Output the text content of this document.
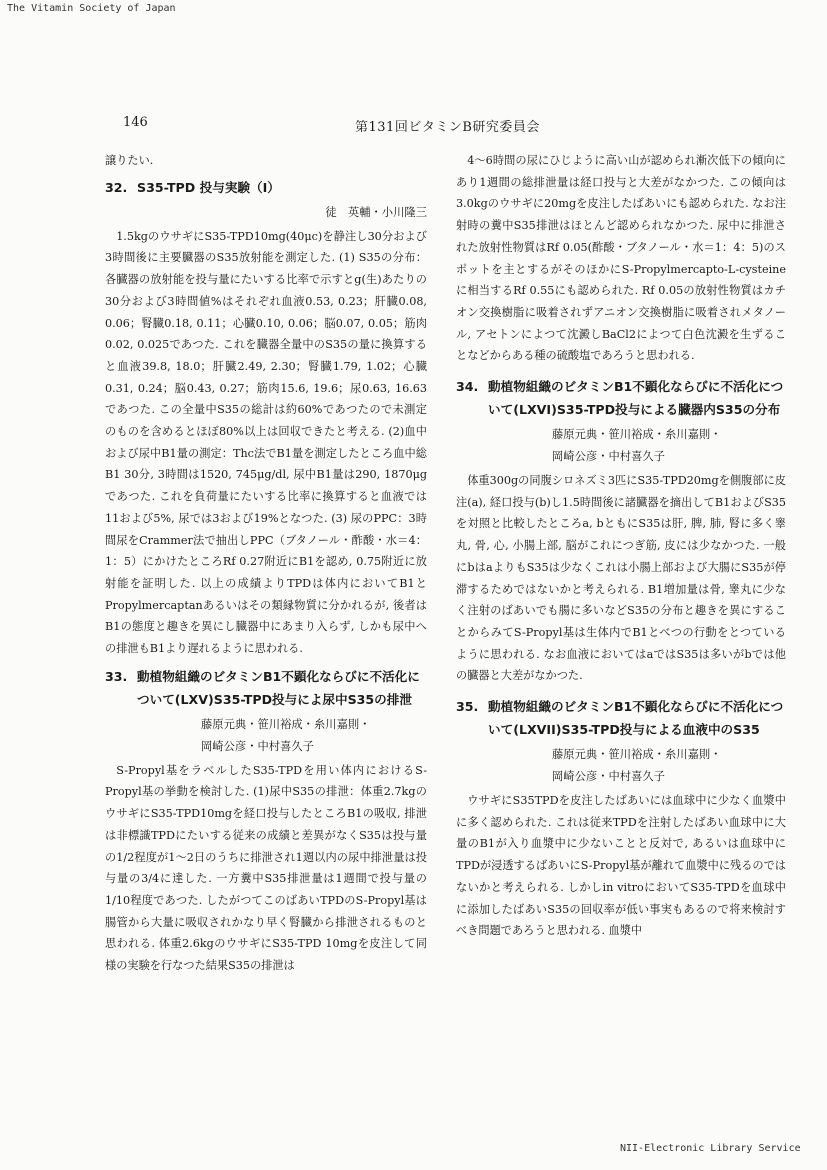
The Vitamin Society of Japan
146	第131回ビタミンB研究委員会

譲りたい.

32. S35-TPD 投与実験（I）
徒　英輔・小川隆三

1.5kgのウサギにS35-TPD10mg(40μc)を静注し30分および3時間後に主要臓器のS35放射能を測定した. (1) S35の分布：各臓器の放射能を投与量にたいする比率で示すとg(生)あたりの30分および3時間値%はそれぞれ血液0.53, 0.23；肝臓0.08, 0.06；腎臓0.18, 0.11；心臓0.10, 0.06；脳0.07, 0.05；筋肉0.02, 0.025であつた. これを臓器全量中のS35の量に換算すると血液39.8, 18.0；肝臓2.49, 2.30；腎臓1.79, 1.02；心臓0.31, 0.24；脳0.43, 0.27；筋肉15.6, 19.6；尿0.63, 16.63であつた. この全量中S35の総計は約60%であつたので未測定のものを含めるとほぼ80%以上は回収できたと考える. (2)血中および尿中B1量の測定：Thc法でB1量を測定したところ血中総B1 30分, 3時間は1520, 745μg/dl, 尿中B1量は290, 1870μgであつた. これを負荷量にたいする比率に換算すると血液では11および5%, 尿では3および19%となつた. (3) 尿のPPC：3時間尿をCrammer法で抽出しPPC（ブタノール・酢酸・水＝4：1：5）にかけたところRf 0.27附近にB1を認め, 0.75附近に放射能を証明した. 以上の成績よりTPDは体内においてB1とPropylmercaptanあるいはその類縁物質に分かれるが, 後者はB1の態度と趣きを異にし臓器中にあまり入らず, しかも尿中への排泄もB1より遅れるように思われる.

33. 動植物組織のビタミンB1不顕化ならびに不活化について(LXV)S35-TPD投与によ尿中S35の排泄
藤原元典・笹川裕成・糸川嘉則・
岡崎公彦・中村喜久子

S-Propyl基をラベルしたS35-TPDを用い体内におけるS-Propyl基の挙動を検討した. (1)尿中S35の排泄：体重2.7kgのウサギにS35-TPD10mgを経口投与したところB1の吸収, 排泄は非標識TPDにたいする従来の成績と差異がなくS35は投与量の1/2程度が1〜2日のうちに排泄され1週以内の尿中排泄量は投与量の3/4に達した. 一方糞中S35排泄量は1週間で投与量の1/10程度であつた. したがつてこのばあいTPDのS-Propyl基は腸管から大量に吸収されかなり早く腎臓から排泄されるものと思われる. 体重2.6kgのウサギにS35-TPD 10mgを皮注して同様の実験を行なつた結果S35の排泄は

4〜6時間の尿にひじように高い山が認められ漸次低下の傾向にあり1週間の総排泄量は経口投与と大差がなかつた. この傾向は3.0kgのウサギに20mgを皮注したばあいにも認められた. なお注射時の糞中S35排泄はほとんど認められなかつた. 尿中に排泄された放射性物質はRf 0.05(酢酸・ブタノール・水＝1：4：5)のスポットを主とするがそのほかにS-Propylmercapto-L-cysteineに相当するRf 0.55にも認められた. Rf 0.05の放射性物質はカチオン交換樹脂に吸着されずアニオン交換樹脂に吸着されメタノール, アセトンによつて沈澱しBaCl2によつて白色沈澱を生ずることなどからある種の硫酸塩であろうと思われる.

34. 動植物組織のビタミンB1不顕化ならびに不活化について(LXVI)S35-TPD投与による臓器内S35の分布
藤原元典・笹川裕成・糸川嘉則・
岡崎公彦・中村喜久子

体重300gの同腹シロネズミ3匹にS35-TPD20mgを側腹部に皮注(a), 経口投与(b)し1.5時間後に諸臓器を摘出してB1およびS35を対照と比較したところa, bともにS35は肝, 脾, 肺, 腎に多く睾丸, 骨, 心, 小腸上部, 脳がこれにつぎ筋, 皮には少なかつた. 一般にbはaよりもS35は少なくこれは小腸上部および大腸にS35が停滞するためではないかと考えられる. B1増加量は骨, 睾丸に少なく注射のばあいでも腸に多いなどS35の分布と趣きを異にすることからみてS-Propyl基は生体内でB1とべつの行動をとつているように思われる. なお血液においてはaではS35は多いがbでは他の臓器と大差がなかつた.

35. 動植物組織のビタミンB1不顕化ならびに不活化について(LXVII)S35-TPD投与による血液中のS35
藤原元典・笹川裕成・糸川嘉則・
岡崎公彦・中村喜久子

ウサギにS35TPDを皮注したばあいには血球中に少なく血漿中に多く認められた. これは従来TPDを注射したばあい血球中に大量のB1が入り血漿中に少ないことと反対で, あるいは血球中にTPDが浸透するばあいにS-Propyl基が離れて血漿中に残るのではないかと考えられる. しかしin vitroにおいてS35-TPDを血球中に添加したばあいS35の回収率が低い事実もあるので将来検討すべき問題であろうと思われる. 血漿中

NII-Electronic Library Service
